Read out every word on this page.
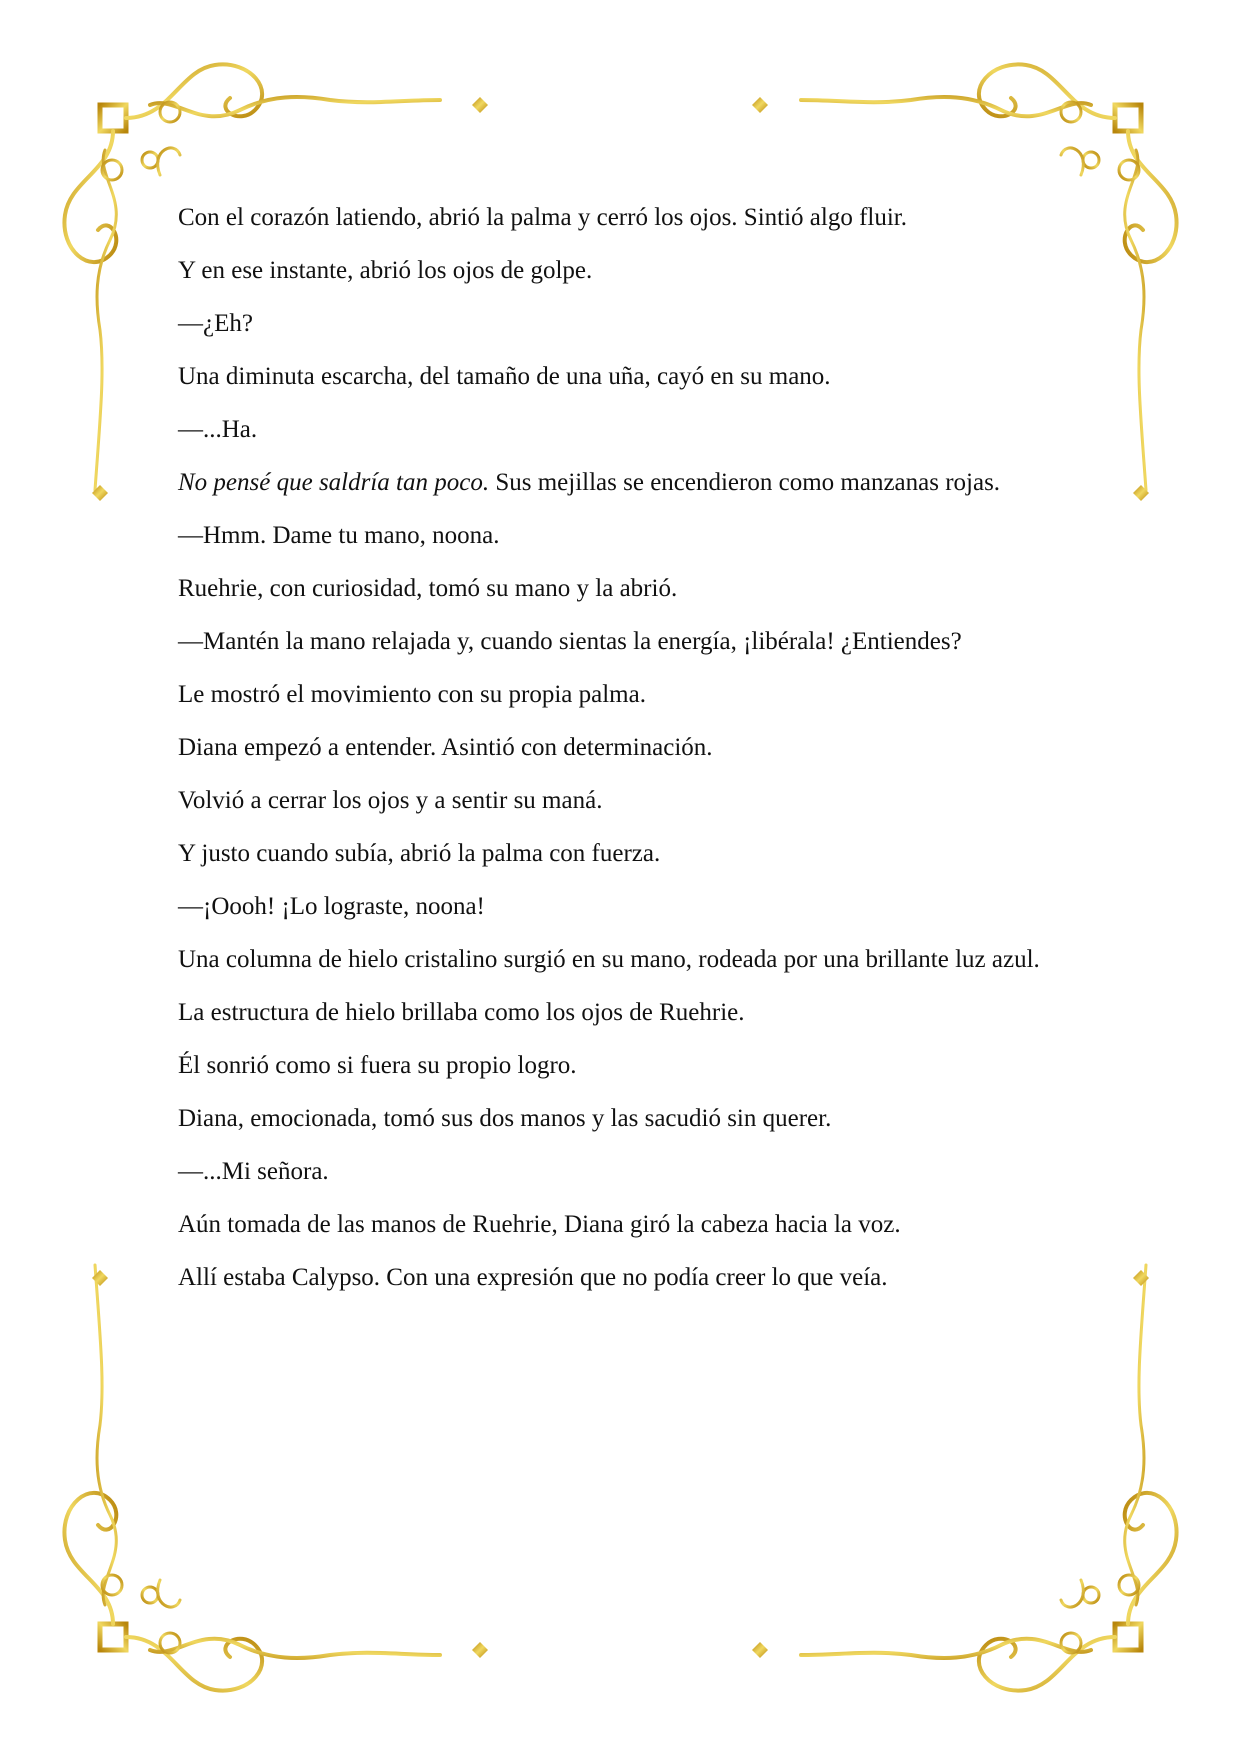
Con el corazón latiendo, abrió la palma y cerró los ojos. Sintió algo fluir.

Y en ese instante, abrió los ojos de golpe.

—¿Eh?

Una diminuta escarcha, del tamaño de una uña, cayó en su mano.

—...Ha.

No pensé que saldría tan poco. Sus mejillas se encendieron como manzanas rojas.

—Hmm. Dame tu mano, noona.

Ruehrie, con curiosidad, tomó su mano y la abrió.

—Mantén la mano relajada y, cuando sientas la energía, ¡libérala! ¿Entiendes?

Le mostró el movimiento con su propia palma.

Diana empezó a entender. Asintió con determinación.

Volvió a cerrar los ojos y a sentir su maná.

Y justo cuando subía, abrió la palma con fuerza.

—¡Oooh! ¡Lo lograste, noona!

Una columna de hielo cristalino surgió en su mano, rodeada por una brillante luz azul.

La estructura de hielo brillaba como los ojos de Ruehrie.

Él sonrió como si fuera su propio logro.

Diana, emocionada, tomó sus dos manos y las sacudió sin querer.

—...Mi señora.

Aún tomada de las manos de Ruehrie, Diana giró la cabeza hacia la voz.

Allí estaba Calypso. Con una expresión que no podía creer lo que veía.
